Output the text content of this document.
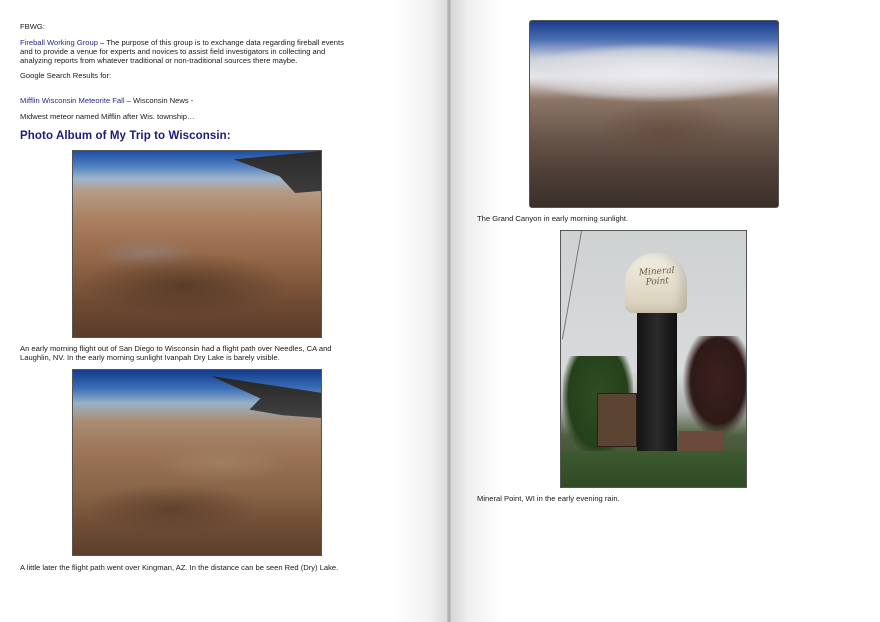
FBWG:
Fireball Working Group – The purpose of this group is to exchange data regarding fireball events
and to provide a venue for experts and novices to assist field investigators in collecting and
analyzing reports from whatever traditional or non-traditional sources there maybe.
Google Search Results for:
Mifflin Wisconsin Meteorite Fall – Wisconsin News -
Midwest meteor named Mifflin after Wis. township…
Photo Album of My Trip to Wisconsin:
An early morning flight out of San Diego to Wisconsin had a flight path over Needles, CA and
Laughlin, NV. In the early morning sunlight Ivanpah Dry Lake is barely visible.
A little later the flight path went over Kingman, AZ. In the distance can be seen Red (Dry) Lake.
The Grand Canyon in early morning sunlight.
Mineral Point
Mineral Point, WI in the early evening rain.
